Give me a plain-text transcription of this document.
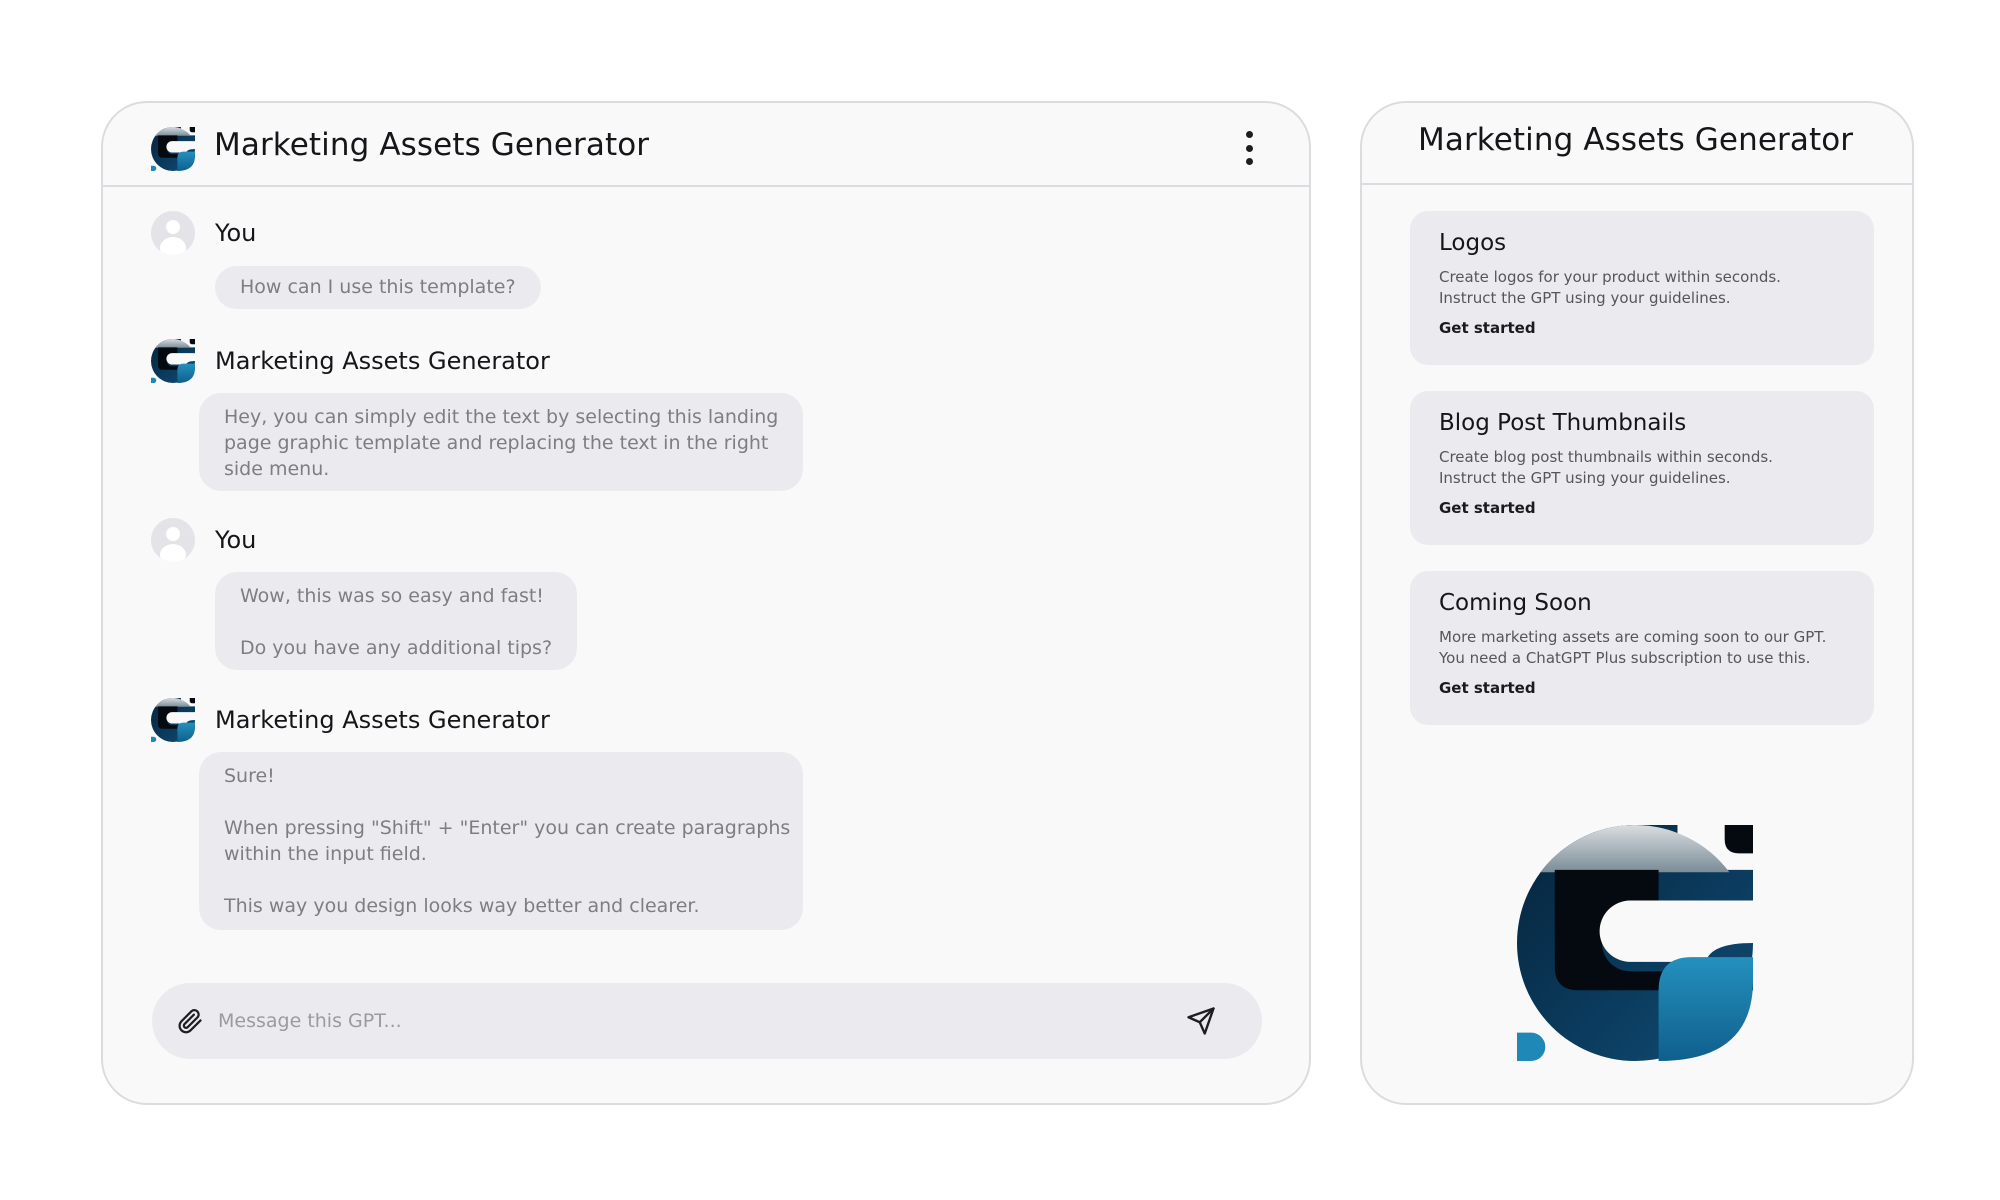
Marketing Assets Generator
You

How can I use this template?

Marketing Assets Generator

Hey, you can simply edit the text by selecting this landing

page graphic template and replacing the text in the right

side menu.

You

Wow, this was so easy and fast!

Do you have any additional tips?

Marketing Assets Generator

Sure!

When pressing "Shift" + "Enter" you can create paragraphs

within the input field.

This way you design looks way better and clearer.

Message this GPT...
Marketing Assets Generator
Logos

Create logos for your product within seconds.

Instruct the GPT using your guidelines.

Get started
Blog Post Thumbnails

Create blog post thumbnails within seconds.

Instruct the GPT using your guidelines.

Get started
Coming Soon

More marketing assets are coming soon to our GPT.

You need a ChatGPT Plus subscription to use this.

Get started
